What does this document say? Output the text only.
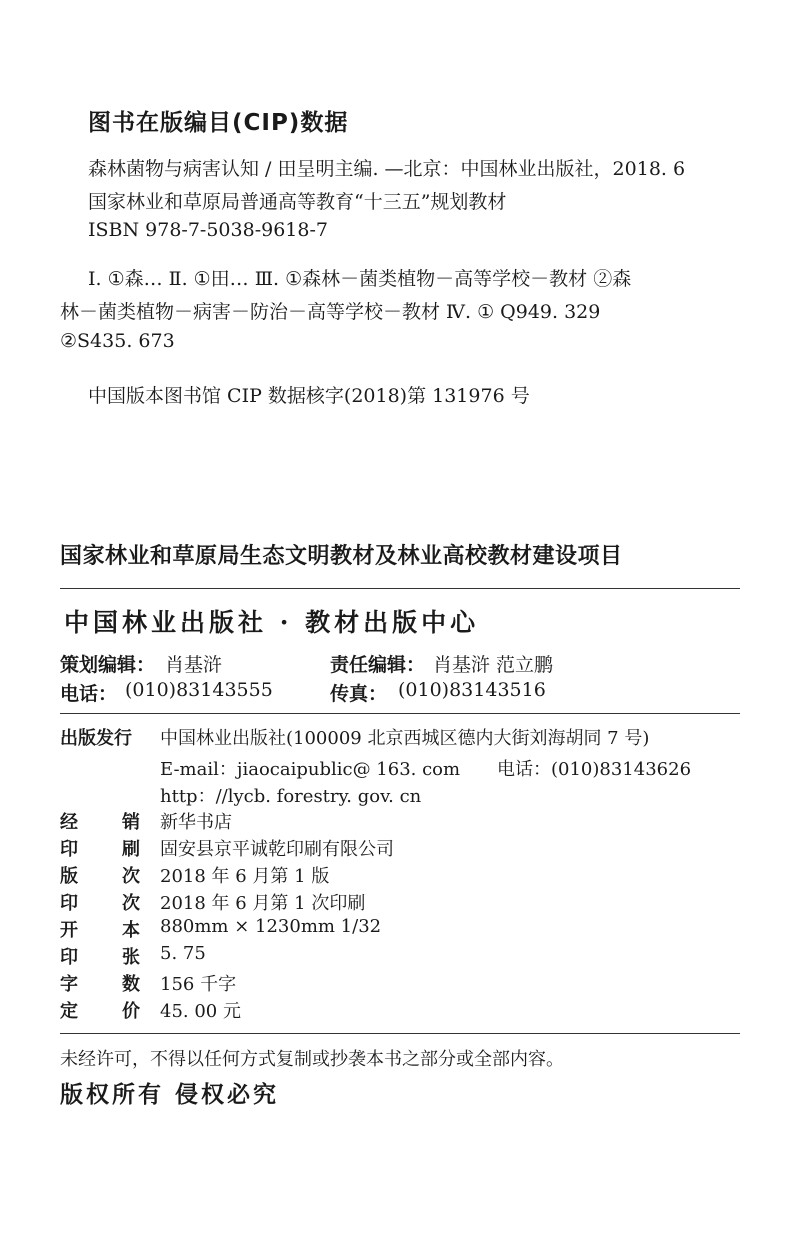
图书在版编目(CIP)数据
森林菌物与病害认知 / 田呈明主编. —北京：中国林业出版社，2018. 6
国家林业和草原局普通高等教育“十三五”规划教材
ISBN 978-7-5038-9618-7
Ⅰ. ①森… Ⅱ. ①田… Ⅲ. ①森林－菌类植物－高等学校－教材 ②森
林－菌类植物－病害－防治－高等学校－教材 Ⅳ. ① Q949. 329
②S435. 673
中国版本图书馆 CIP 数据核字(2018)第 131976 号
国家林业和草原局生态文明教材及林业高校教材建设项目
中国林业出版社 · 教材出版中心
策划编辑： 肖基浒	责任编辑： 肖基浒 范立鹏
电话： (010)83143555	传真： (010)83143516
出版发行 中国林业出版社(100009 北京西城区德内大街刘海胡同 7 号)
E-mail：jiaocaipublic@ 163. com 电话：(010)83143626
http：//lycb. forestry. gov. cn
经 销 新华书店
印 刷 固安县京平诚乾印刷有限公司
版 次 2018 年 6 月第 1 版
印 次 2018 年 6 月第 1 次印刷
开 本 880mm × 1230mm 1/32
印 张 5. 75
字 数 156 千字
定 价 45. 00 元
未经许可，不得以任何方式复制或抄袭本书之部分或全部内容。
版权所有 侵权必究
